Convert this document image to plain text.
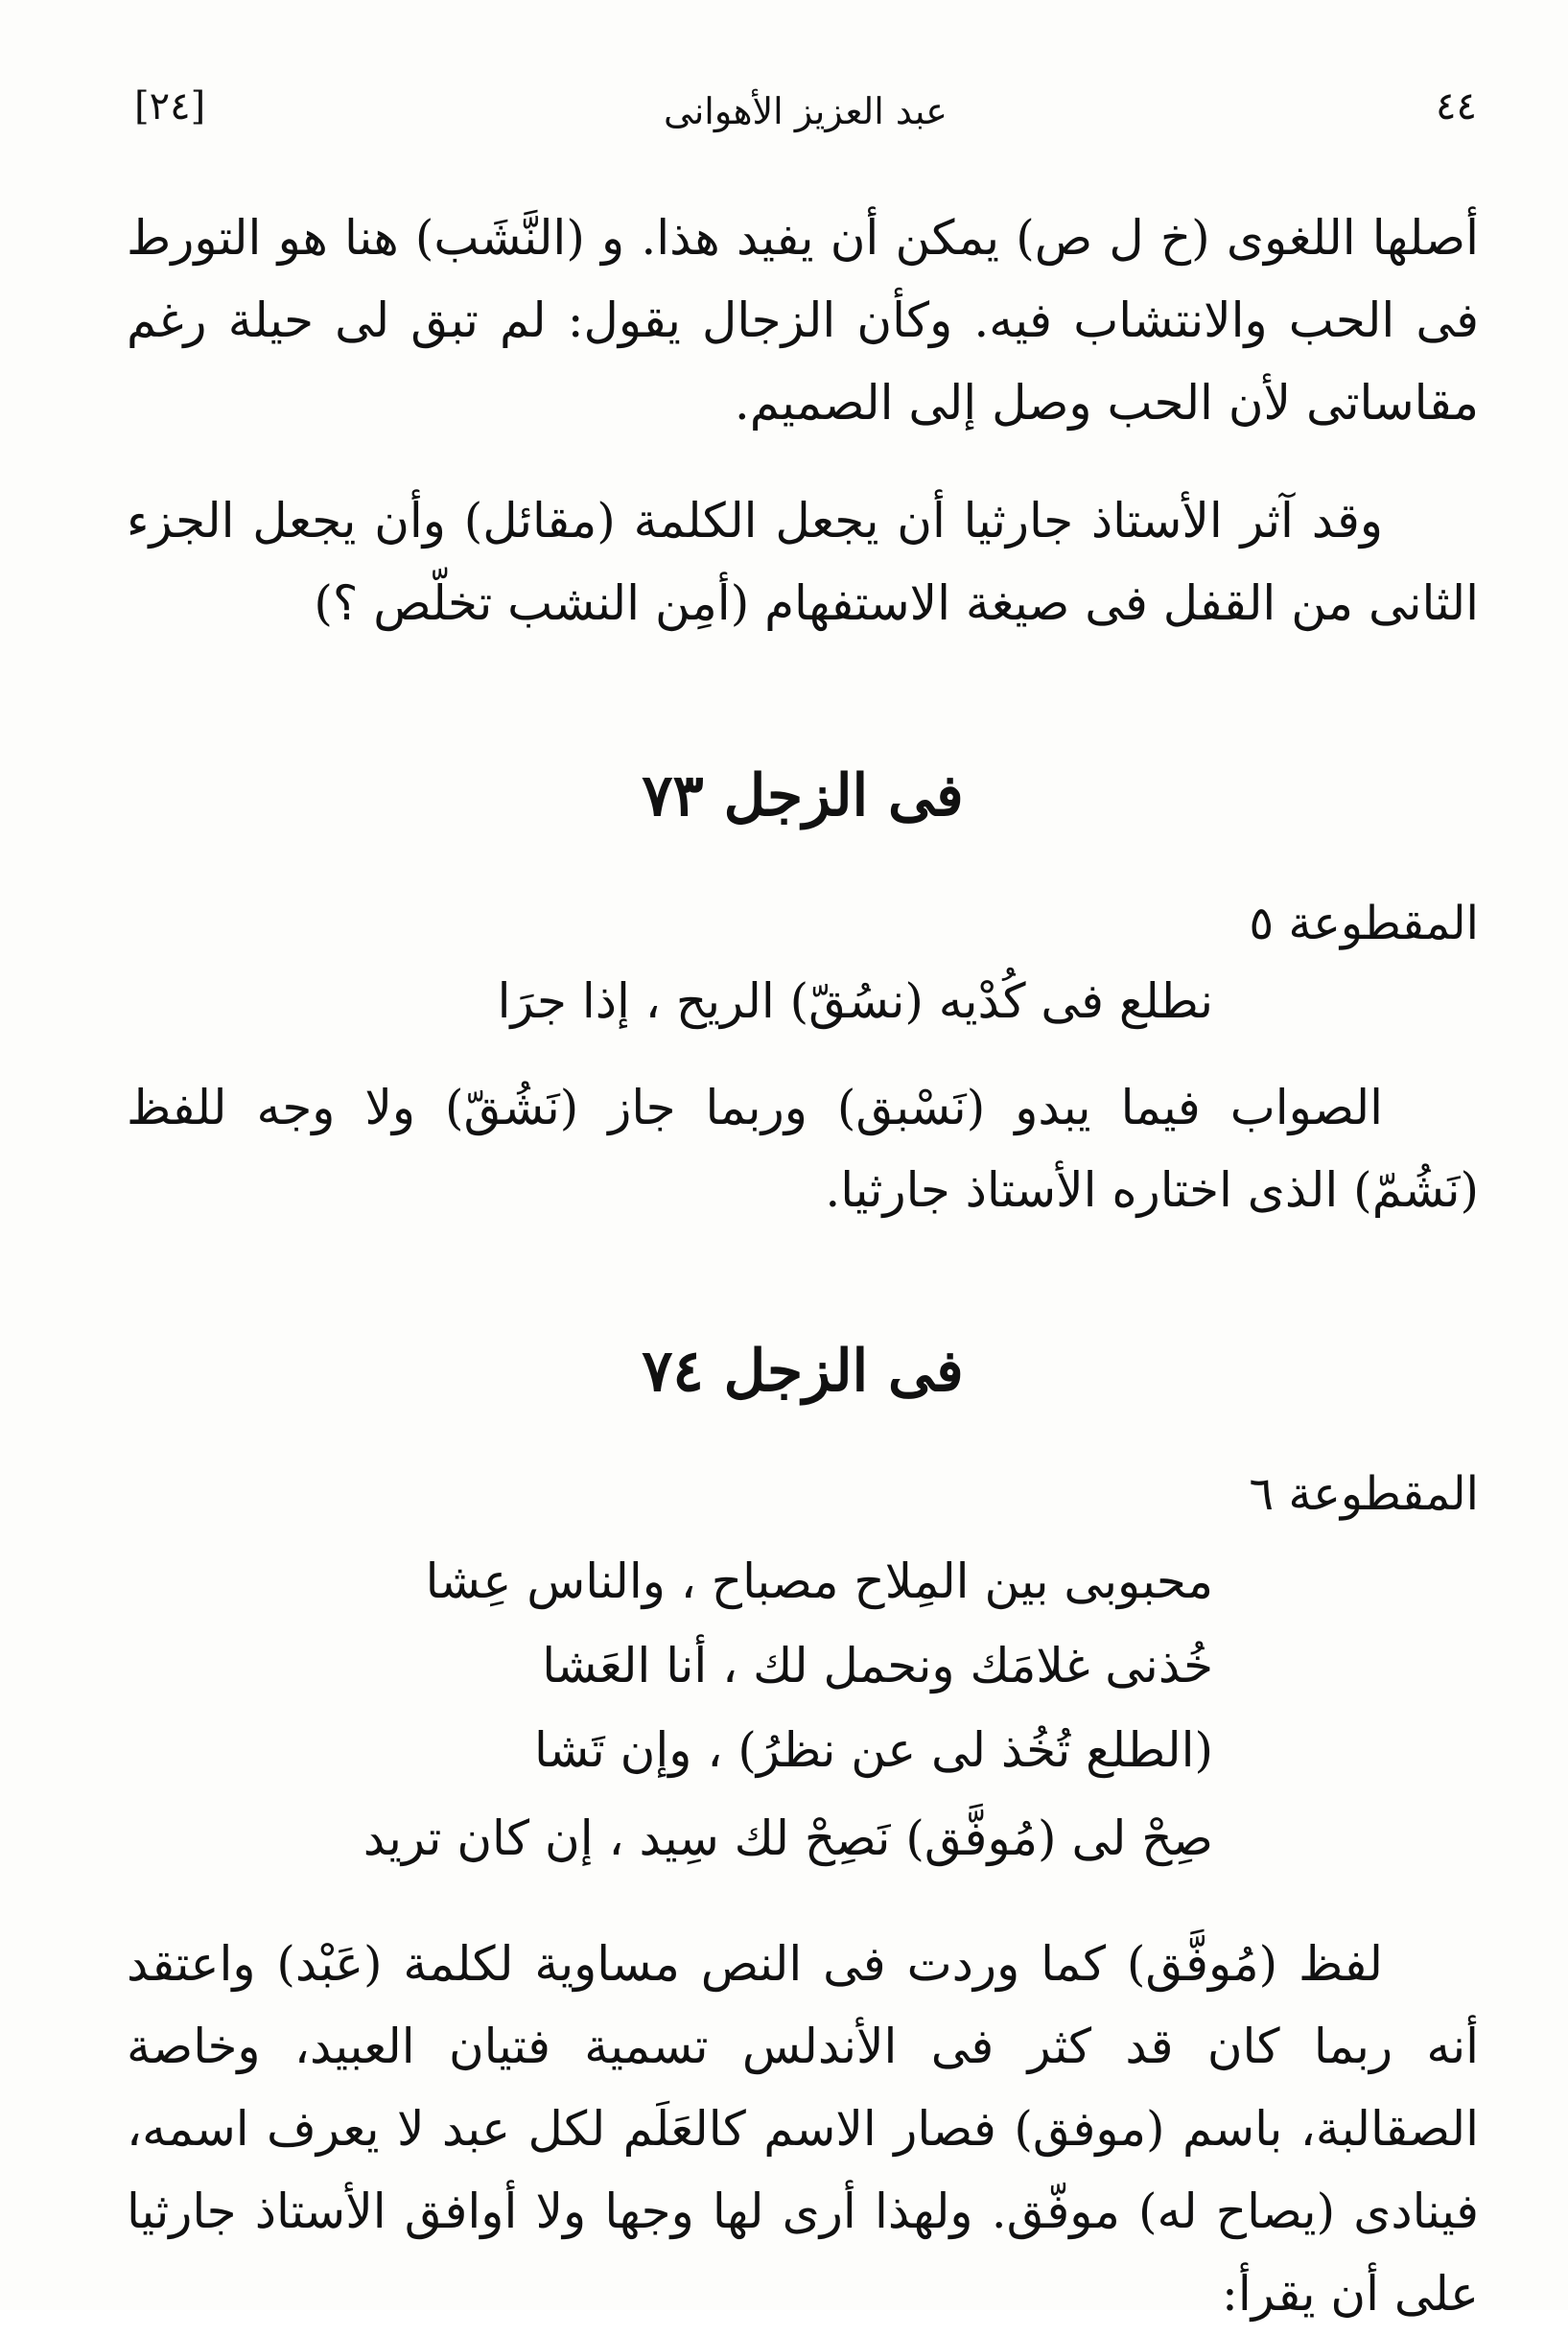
[٢٤]	عبد العزيز الأهوانى	٤٤

أصلها اللغوى (خ ل ص) يمكن أن يفيد هذا. و (النَّشَب) هنا هو التورط فى الحب والانتشاب فيه. وكأن الزجال يقول: لم تبق لى حيلة رغم مقاساتى لأن الحب وصل إلى الصميم.

وقد آثر الأستاذ جارثيا أن يجعل الكلمة (مقائل) وأن يجعل الجزء الثانى من القفل فى صيغة الاستفهام (أمِن النشب تخلّص ؟)

فى الزجل ٧٣
المقطوعة ٥
نطلع فى كُدْيه (نسُقّ) الريح ، إذا جرَا

الصواب فيما يبدو (نَسْبق) وربما جاز (نَشُقّ) ولا وجه للفظ (نَشُمّ) الذى اختاره الأستاذ جارثيا.

فى الزجل ٧٤
المقطوعة ٦
محبوبى بين المِلاح مصباح ، والناس عِشا
خُذنى غلامَك ونحمل لك ، أنا العَشا
(الطلع تُخُذ لى عن نظرُ) ، وإن تَشا
صِحْ لى (مُوفَّق) نَصِحْ لك سِيد ، إن كان تريد

لفظ (مُوفَّق) كما وردت فى النص مساوية لكلمة (عَبْد) واعتقد أنه ربما كان قد كثر فى الأندلس تسمية فتيان العبيد، وخاصة الصقالبة، باسم (موفق) فصار الاسم كالعَلَم لكل عبد لا يعرف اسمه، فينادى (يصاح له) موفّق. ولهذا أرى لها وجها ولا أوافق الأستاذ جارثيا على أن يقرأ:
